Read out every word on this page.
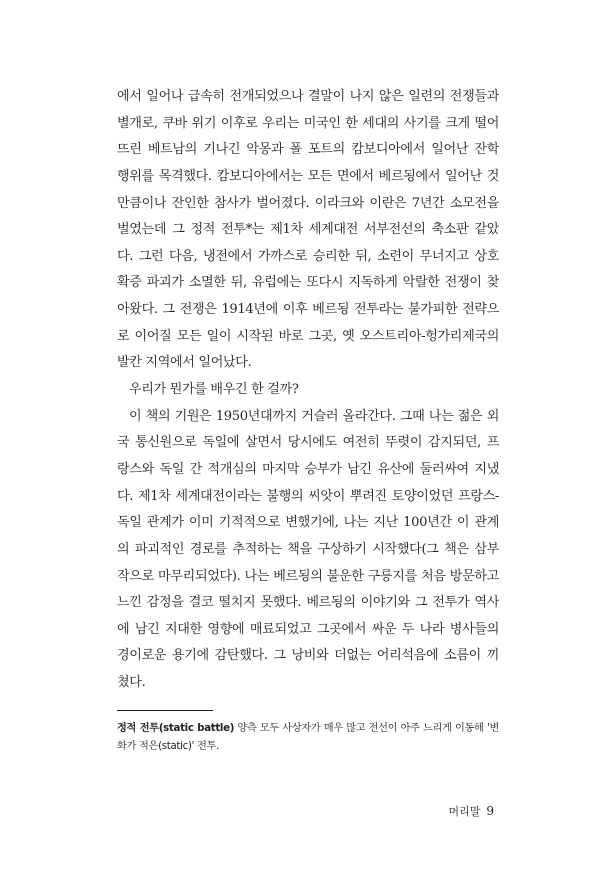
에서 일어나 급속히 전개되었으나 결말이 나지 않은 일련의 전쟁들과
별개로, 쿠바 위기 이후로 우리는 미국인 한 세대의 사기를 크게 떨어
뜨린 베트남의 기나긴 악몽과 폴 포트의 캄보디아에서 일어난 잔학
행위를 목격했다. 캄보디아에서는 모든 면에서 베르됭에서 일어난 것
만큼이나 잔인한 참사가 벌어졌다. 이라크와 이란은 7년간 소모전을
벌였는데 그 정적 전투*는 제1차 세계대전 서부전선의 축소판 같았
다. 그런 다음, 냉전에서 가까스로 승리한 뒤, 소련이 무너지고 상호
확증 파괴가 소멸한 뒤, 유럽에는 또다시 지독하게 악랄한 전쟁이 찾
아왔다. 그 전쟁은 1914년에 이후 베르됭 전투라는 불가피한 전략으
로 이어질 모든 일이 시작된 바로 그곳, 옛 오스트리아-헝가리제국의
발칸 지역에서 일어났다.
우리가 뭔가를 배우긴 한 걸까?
이 책의 기원은 1950년대까지 거슬러 올라간다. 그때 나는 젊은 외
국 통신원으로 독일에 살면서 당시에도 여전히 뚜렷이 감지되던, 프
랑스와 독일 간 적개심의 마지막 승부가 남긴 유산에 둘러싸여 지냈
다. 제1차 세계대전이라는 불행의 씨앗이 뿌려진 토양이었던 프랑스-
독일 관계가 이미 기적적으로 변했기에, 나는 지난 100년간 이 관계
의 파괴적인 경로를 추적하는 책을 구상하기 시작했다(그 책은 삼부
작으로 마무리되었다). 나는 베르됭의 불운한 구릉지를 처음 방문하고
느낀 감정을 결코 떨치지 못했다. 베르됭의 이야기와 그 전투가 역사
에 남긴 지대한 영향에 매료되었고 그곳에서 싸운 두 나라 병사들의
경이로운 용기에 감탄했다. 그 낭비와 더없는 어리석음에 소름이 끼
쳤다.
정적 전투(static battle) 양측 모두 사상자가 매우 많고 전선이 아주 느리게 이동해 '변
화가 적은(static)' 전투.
머리말 9
